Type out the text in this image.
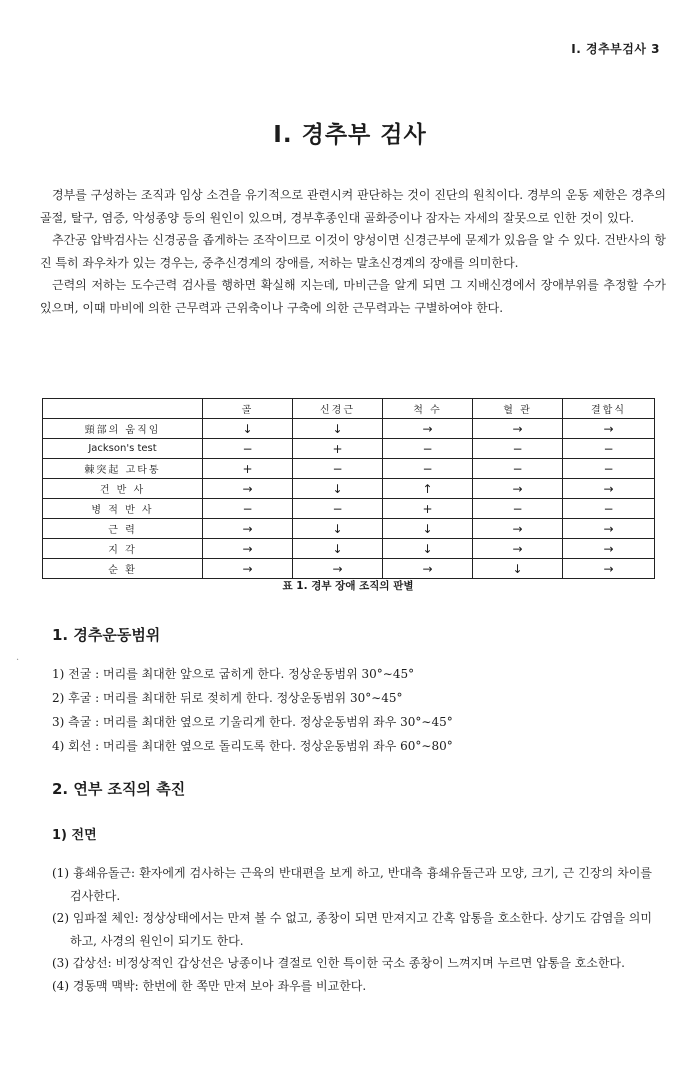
I. 경추부검사 3
I. 경추부 검사

경부를 구성하는 조직과 임상 소견을 유기적으로 관련시켜 판단하는 것이 진단의 원칙이다. 경부의 운동 제한은 경추의 골절, 탈구, 염증, 악성종양 등의 원인이 있으며, 경부후종인대 골화증이나 잠자는 자세의 잘못으로 인한 것이 있다.

추간공 압박검사는 신경공을 좁게하는 조작이므로 이것이 양성이면 신경근부에 문제가 있음을 알 수 있다. 건반사의 항진 특히 좌우차가 있는 경우는, 중추신경계의 장애를, 저하는 말초신경계의 장애를 의미한다.

근력의 저하는 도수근력 검사를 행하면 확실해 지는데, 마비근을 알게 되면 그 지배신경에서 장애부위를 추정할 수가 있으며, 이때 마비에 의한 근무력과 근위축이나 구축에 의한 근무력과는 구별하여야 한다.

	골	신경근	척 수	혈 관	결합식
頸部의 움직임	↓	↓	→	→	→
Jackson's test	−	+	−	−	−
棘突起 고타통	+	−	−	−	−
건 반 사	→	↓	↑	→	→
병 적 반 사	−	−	+	−	−
근 력	→	↓	↓	→	→
지 각	→	↓	↓	→	→
순 환	→	→	→	↓	→
표 1. 경부 장애 조직의 판별
·
1. 경추운동범위
1) 전굴 : 머리를 최대한 앞으로 굽히게 한다. 정상운동범위 30°∼45°
2) 후굴 : 머리를 최대한 뒤로 젖히게 한다. 정상운동범위 30°∼45°
3) 측굴 : 머리를 최대한 옆으로 기울리게 한다. 정상운동범위 좌우 30°∼45°
4) 회선 : 머리를 최대한 옆으로 돌리도록 한다. 정상운동범위 좌우 60°∼80°
2. 연부 조직의 촉진
1) 전면
(1) 흉쇄유돌근: 환자에게 검사하는 근육의 반대편을 보게 하고, 반대측 흉쇄유돌근과 모양, 크기, 근 긴장의 차이를 검사한다.
(2) 임파절 체인: 정상상태에서는 만져 볼 수 없고, 종창이 되면 만져지고 간혹 압통을 호소한다. 상기도 감염을 의미하고, 사경의 원인이 되기도 한다.
(3) 갑상선: 비정상적인 갑상선은 낭종이나 결절로 인한 특이한 국소 종창이 느껴지며 누르면 압통을 호소한다.
(4) 경동맥 맥박: 한번에 한 쪽만 만져 보아 좌우를 비교한다.
